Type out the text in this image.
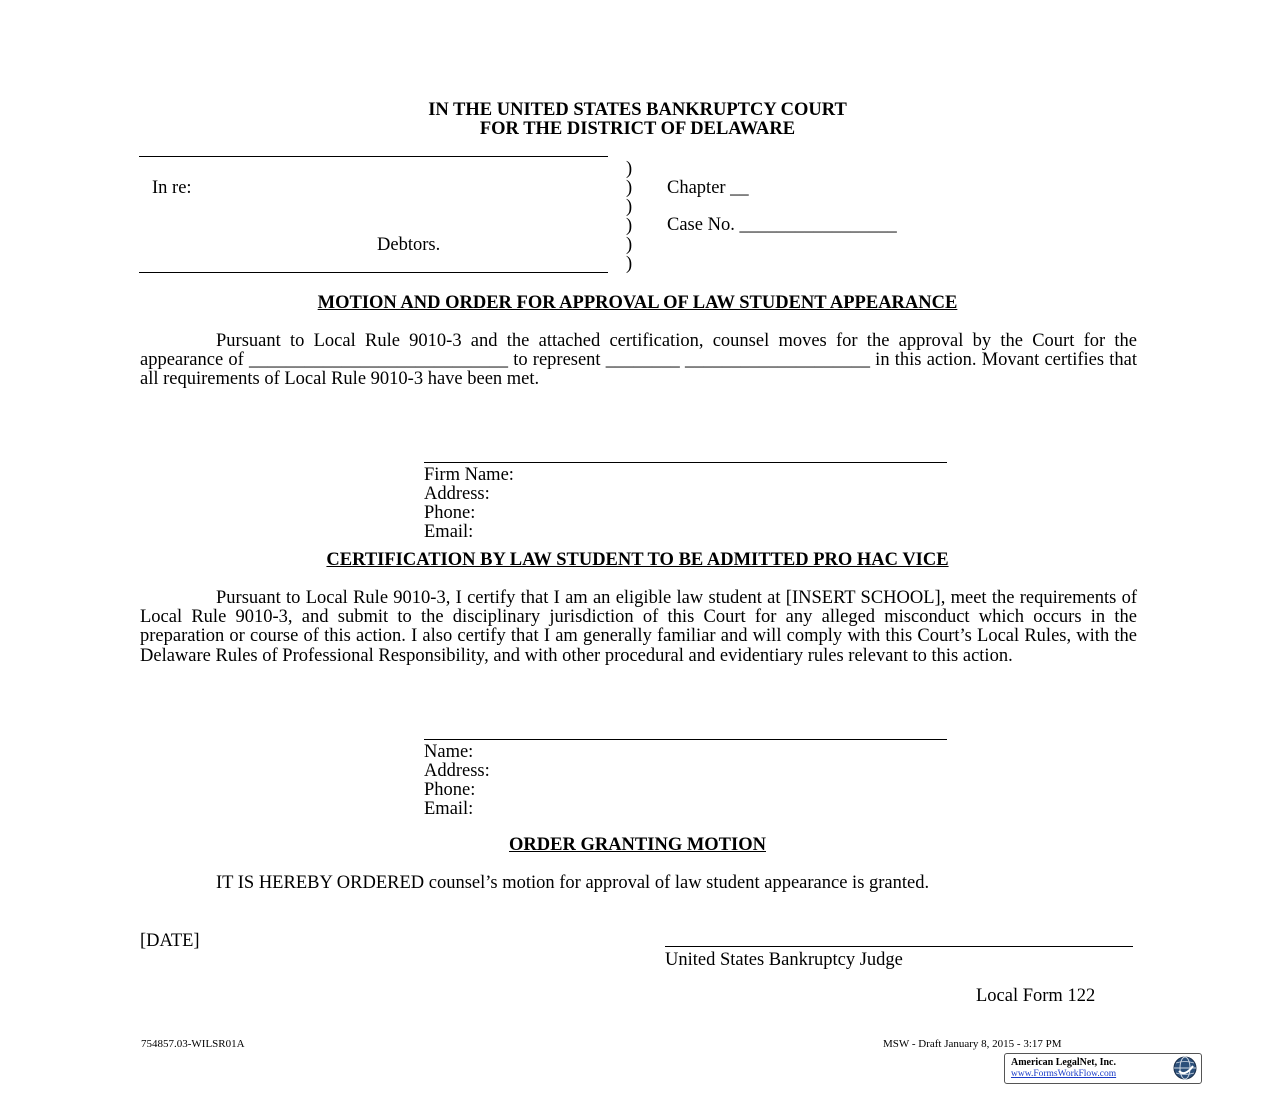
IN THE UNITED STATES BANKRUPTCY COURT
FOR THE DISTRICT OF DELAWARE
In re:
Debtors.
)
)
)
)
)
)
Chapter __
Case No. _________________
MOTION AND ORDER FOR APPROVAL OF LAW STUDENT APPEARANCE
Pursuant to Local Rule 9010-3 and the attached certification, counsel moves for the approval by the Court for the appearance of ____________________________ to represent ________ ____________________ in this action. Movant certifies that all requirements of Local Rule 9010-3 have been met.
Firm Name:
Address:
Phone:
Email:
CERTIFICATION BY LAW STUDENT TO BE ADMITTED PRO HAC VICE
Pursuant to Local Rule 9010-3, I certify that I am an eligible law student at [INSERT SCHOOL], meet the requirements of Local Rule 9010-3, and submit to the disciplinary jurisdiction of this Court for any alleged misconduct which occurs in the preparation or course of this action. I also certify that I am generally familiar and will comply with this Court’s Local Rules, with the Delaware Rules of Professional Responsibility, and with other procedural and evidentiary rules relevant to this action.
Name:
Address:
Phone:
Email:
ORDER GRANTING MOTION
IT IS HEREBY ORDERED counsel’s motion for approval of law student appearance is granted.
[DATE]
United States Bankruptcy Judge
Local Form 122
754857.03-WILSR01A	MSW - Draft January 8, 2015 - 3:17 PM
American LegalNet, Inc.
www.FormsWorkFlow.com
